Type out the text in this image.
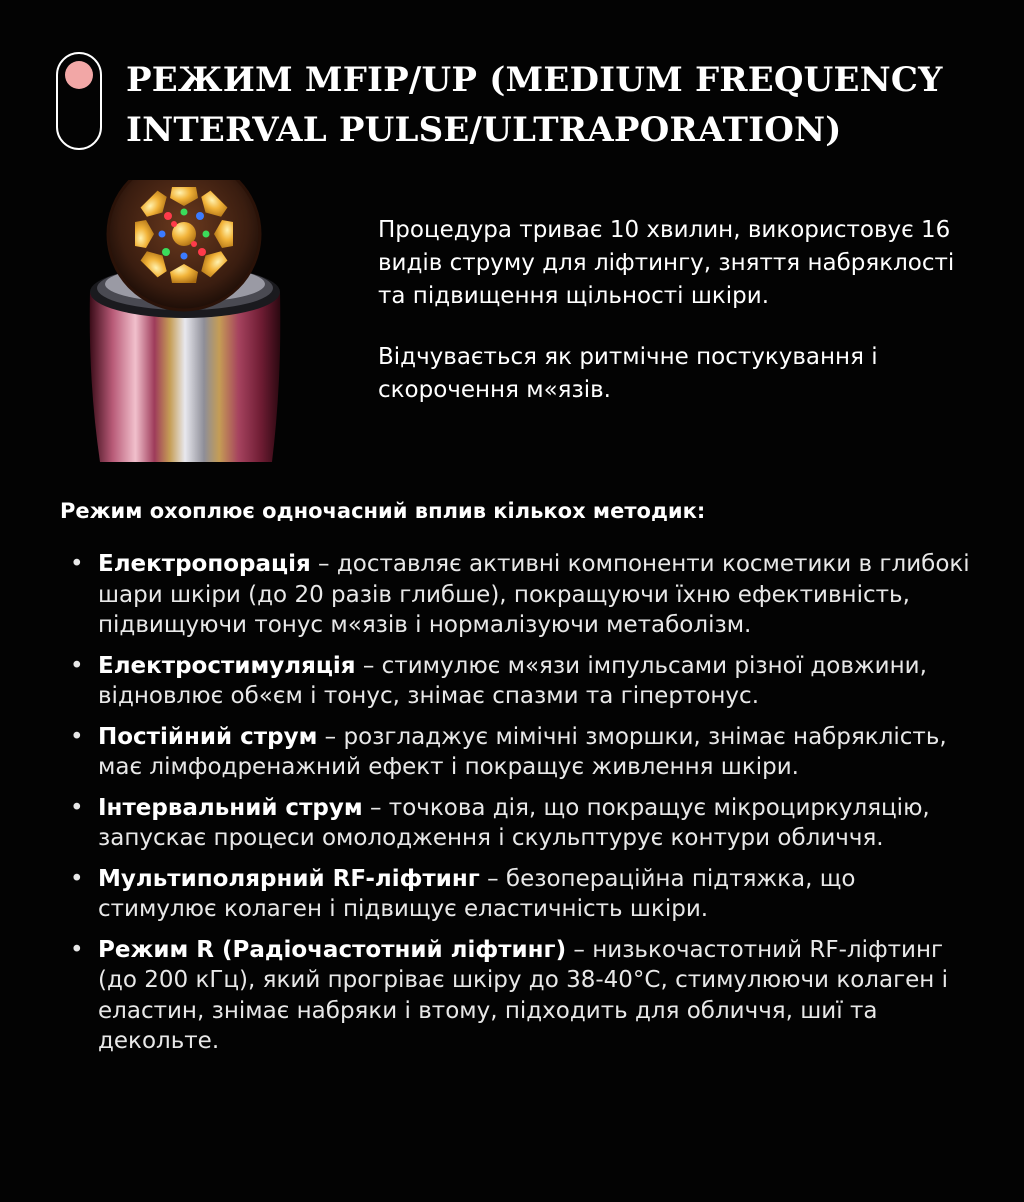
РЕЖИМ MFIP/UP (MEDIUM FREQUENCY INTERVAL PULSE/ULTRAPORATION)

Процедура триває 10 хвилин, використовує 16 видів струму для ліфтингу, зняття набряклості та підвищення щільності шкіри.

Відчувається як ритмічне постукування і скорочення м«язів.

Режим охоплює одночасний вплив кількох методик:
• Електропорація – доставляє активні компоненти косметики в глибокі шари шкіри (до 20 разів глибше), покращуючи їхню ефективність, підвищуючи тонус м«язів і нормалізуючи метаболізм.
• Електростимуляція – стимулює м«язи імпульсами різної довжини, відновлює об«єм і тонус, знімає спазми та гіпертонус.
• Постійний струм – розгладжує мімічні зморшки, знімає набряклість, має лімфодренажний ефект і покращує живлення шкіри.
• Інтервальний струм – точкова дія, що покращує мікроциркуляцію, запускає процеси омолодження і скульптурує контури обличчя.
• Мультиполярний RF-ліфтинг – безопераційна підтяжка, що стимулює колаген і підвищує еластичність шкіри.
• Режим R (Радіочастотний ліфтинг) – низькочастотний RF-ліфтинг (до 200 кГц), який прогріває шкіру до 38-40°C, стимулюючи колаген і еластин, знімає набряки і втому, підходить для обличчя, шиї та декольте.
